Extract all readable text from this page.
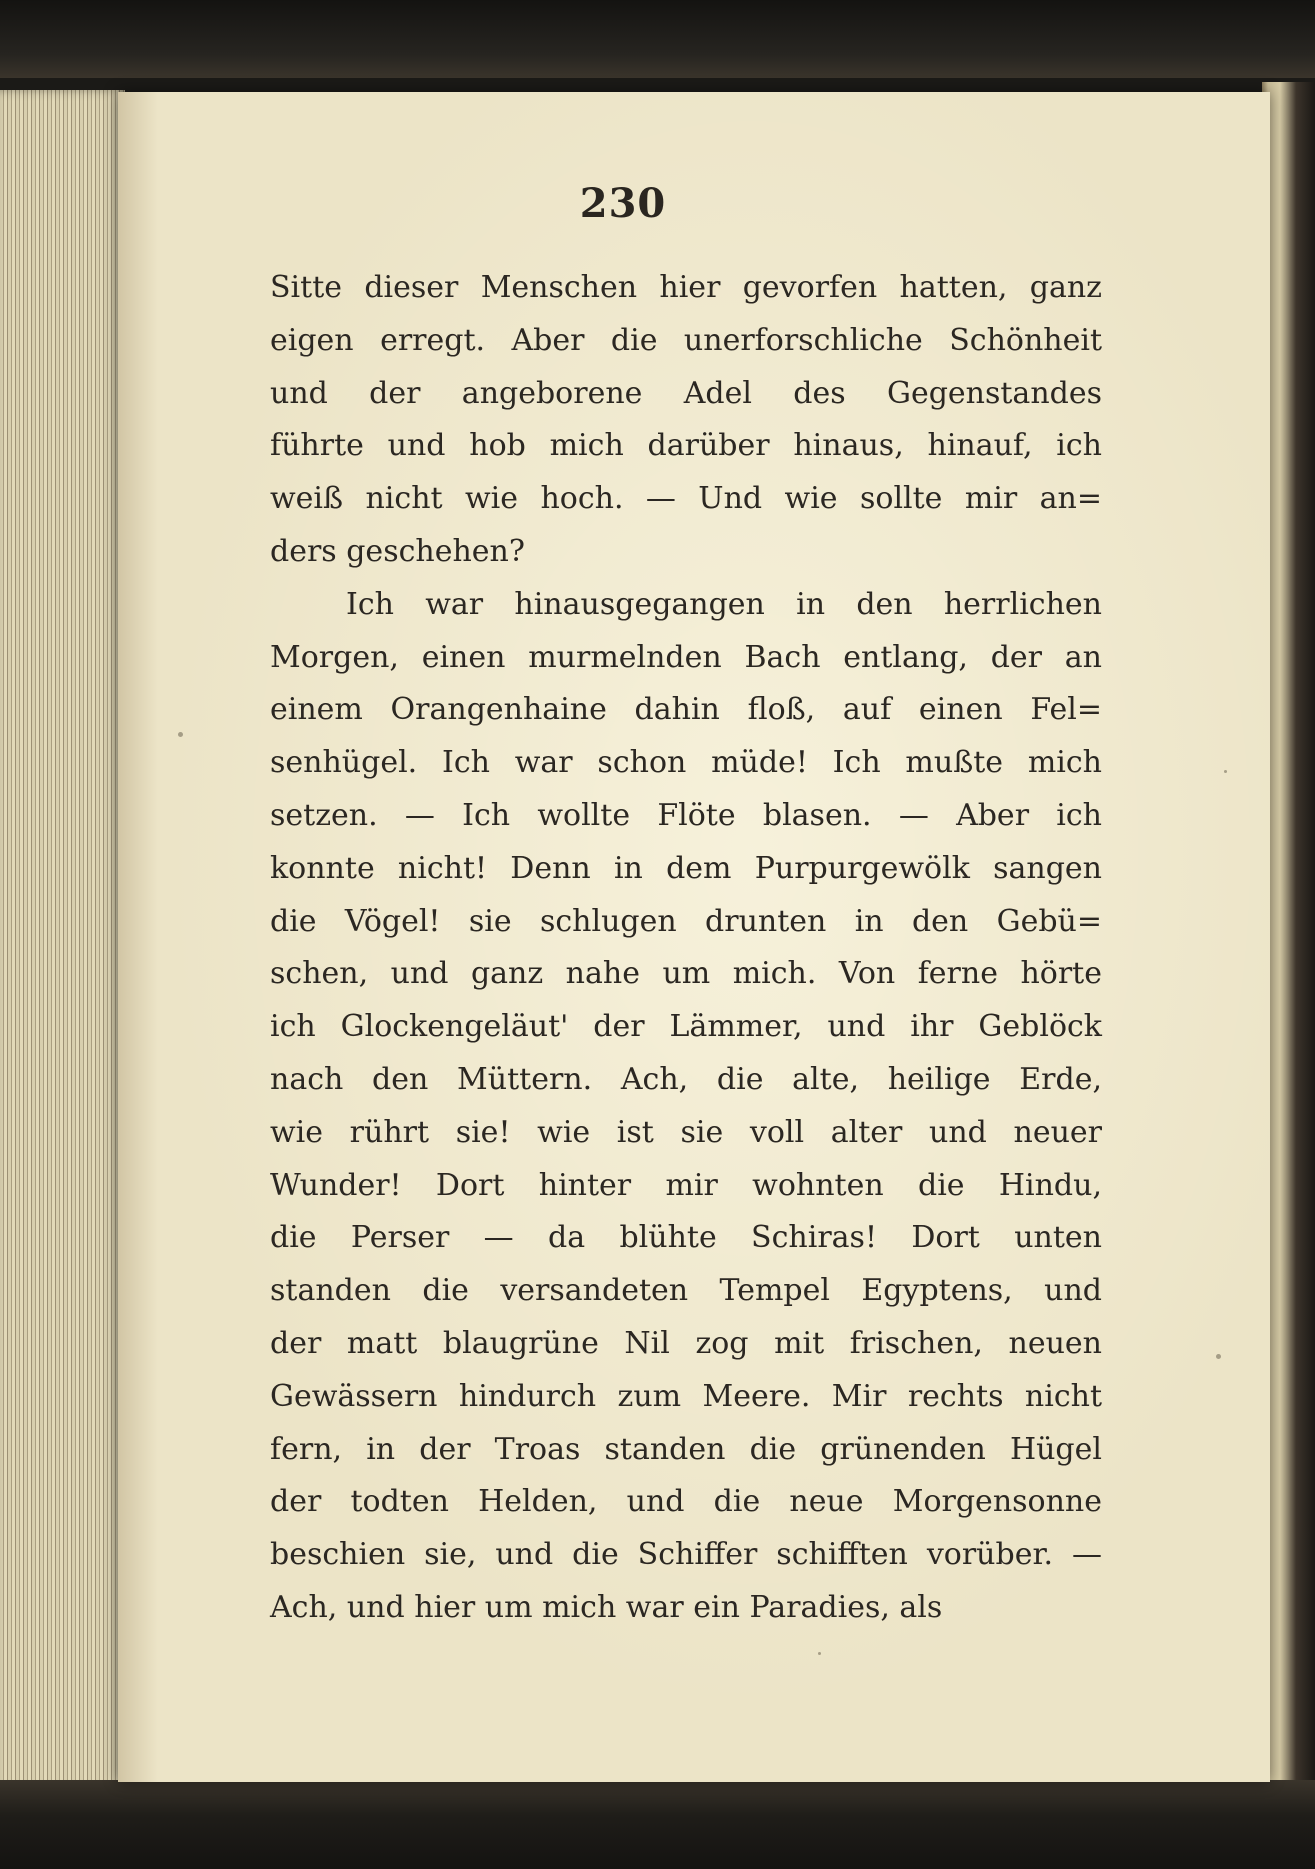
230
Sitte dieser Menschen hier gevorfen hatten, ganz
eigen erregt. Aber die unerforschliche Schönheit
und der angeborene Adel des Gegenstandes
führte und hob mich darüber hinaus, hinauf, ich
weiß nicht wie hoch. — Und wie sollte mir an=
ders geschehen?
Ich war hinausgegangen in den herrlichen
Morgen, einen murmelnden Bach entlang, der an
einem Orangenhaine dahin floß, auf einen Fel=
senhügel. Ich war schon müde! Ich mußte mich
setzen. — Ich wollte Flöte blasen. — Aber ich
konnte nicht! Denn in dem Purpurgewölk sangen
die Vögel! sie schlugen drunten in den Gebü=
schen, und ganz nahe um mich. Von ferne hörte
ich Glockengeläut' der Lämmer, und ihr Geblöck
nach den Müttern. Ach, die alte, heilige Erde,
wie rührt sie! wie ist sie voll alter und neuer
Wunder! Dort hinter mir wohnten die Hindu,
die Perser — da blühte Schiras! Dort unten
standen die versandeten Tempel Egyptens, und
der matt blaugrüne Nil zog mit frischen, neuen
Gewässern hindurch zum Meere. Mir rechts nicht
fern, in der Troas standen die grünenden Hügel
der todten Helden, und die neue Morgensonne
beschien sie, und die Schiffer schifften vorüber. —
Ach, und hier um mich war ein Paradies, als
